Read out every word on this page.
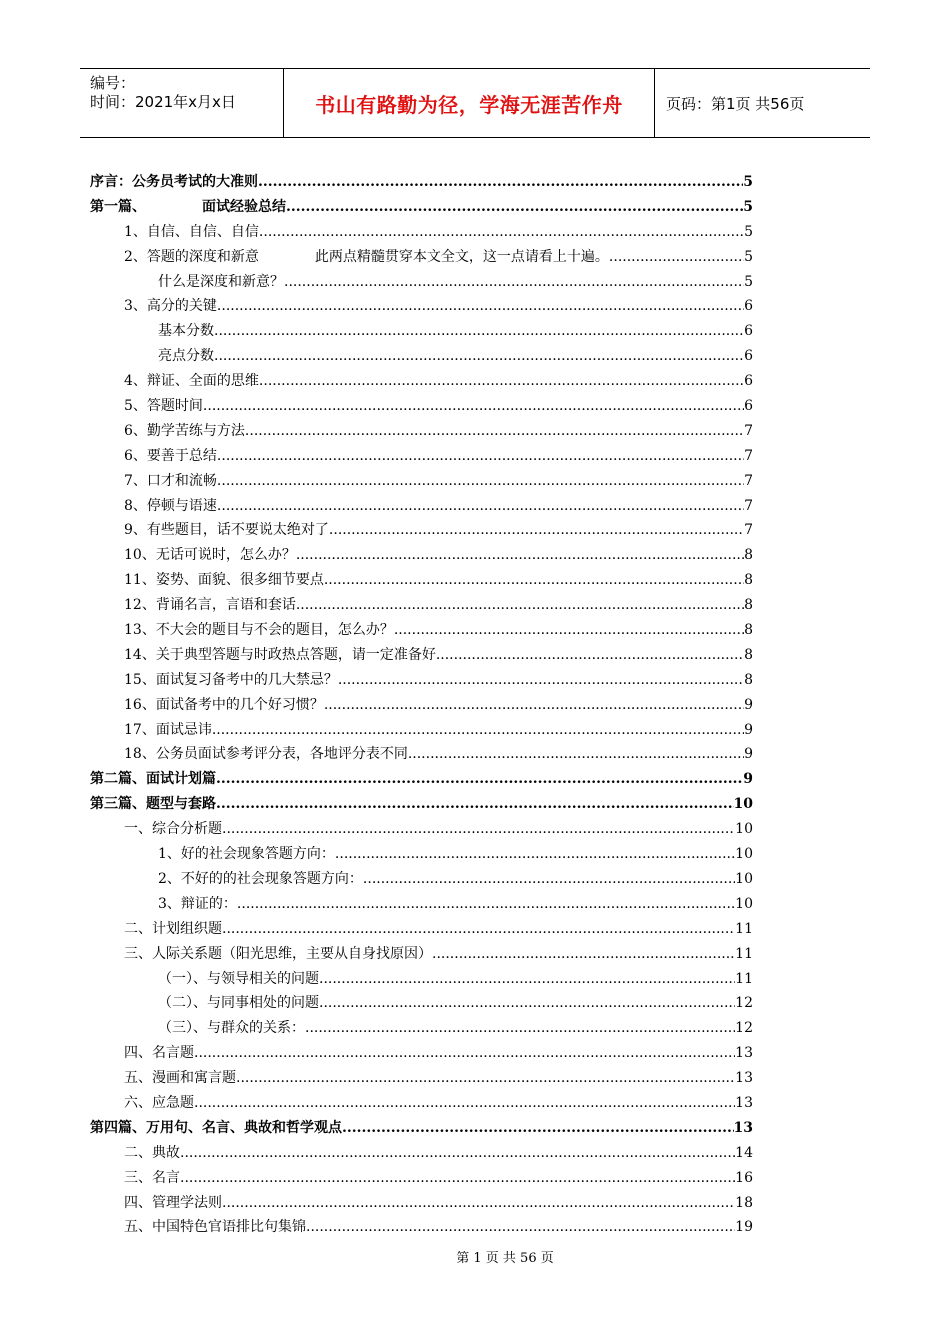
编号：
时间：2021年x月x日	书山有路勤为径，学海无涯苦作舟	页码：第1页 共56页
序言：公务员考试的大准则 .....	5
第一篇、	面试经验总结 .....	5
1、自信、自信、自信 .....	5
2、答题的深度和新意	此两点精髓贯穿本文全文，这一点请看上十遍。 .....	5
什么是深度和新意？ .....	5
3、高分的关键 .....	6
基本分数 .....	6
亮点分数 .....	6
4、辩证、全面的思维 .....	6
5、答题时间 .....	6
6、勤学苦练与方法 .....	7
6、要善于总结 .....	7
7、口才和流畅 .....	7
8、停顿与语速 .....	7
9、有些题目，话不要说太绝对了 .....	7
10、无话可说时，怎么办？ .....	8
11、姿势、面貌、很多细节要点 .....	8
12、背诵名言，言语和套话 .....	8
13、不大会的题目与不会的题目，怎么办？ .....	8
14、关于典型答题与时政热点答题，请一定准备好 .....	8
15、面试复习备考中的几大禁忌？ .....	8
16、面试备考中的几个好习惯？ .....	9
17、面试忌讳 .....	9
18、公务员面试参考评分表，各地评分表不同 .....	9
第二篇、面试计划篇 .....	9
第三篇、题型与套路 .....	10
一、综合分析题 .....	10
1、好的社会现象答题方向： .....	10
2、不好的的社会现象答题方向： .....	10
3、辩证的： .....	10
二、计划组织题 .....	11
三、人际关系题（阳光思维，主要从自身找原因） .....	11
（一）、与领导相关的问题 .....	11
（二）、与同事相处的问题 .....	12
（三）、与群众的关系： .....	12
四、名言题 .....	13
五、漫画和寓言题 .....	13
六、应急题 .....	13
第四篇、万用句、名言、典故和哲学观点 .....	13
二、典故 .....	14
三、名言 .....	16
四、管理学法则 .....	18
五、中国特色官语排比句集锦 .....	19
第 1 页 共 56 页
